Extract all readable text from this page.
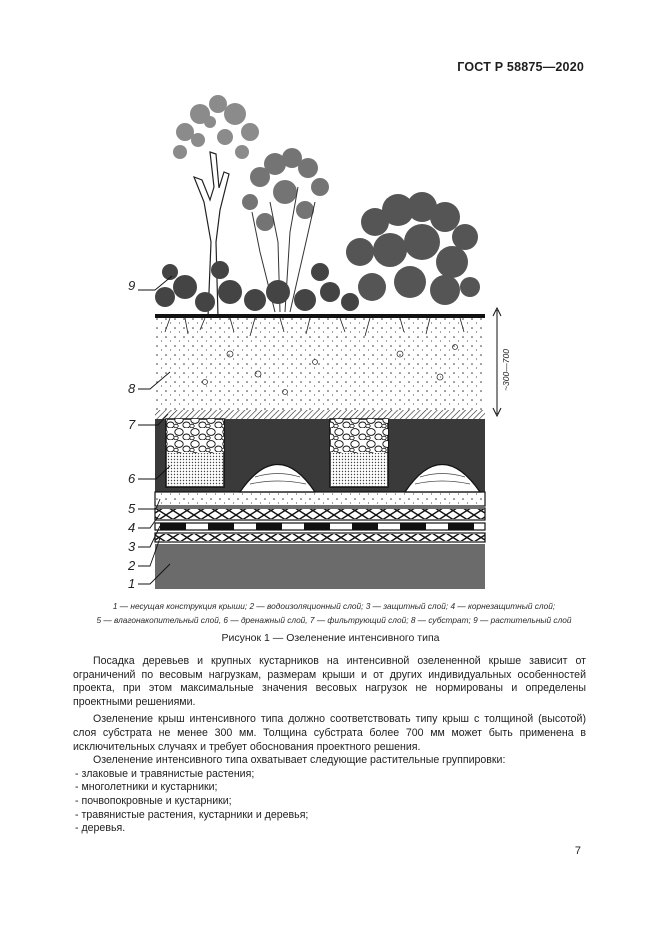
ГОСТ Р 58875—2020
~300—700
9
8
7
6
5
4
3
2
1
1 — несущая конструкция крыши; 2 — водоизоляционный слой; 3 — защитный слой; 4 — корнезащитный слой;
5 — влагонакопительный слой, 6 — дренажный слой, 7 — фильтрующий слой; 8 — субстрат; 9 — растительный слой
Рисунок 1 — Озеленение интенсивного типа

Посадка деревьев и крупных кустарников на интенсивной озелененной крыше зависит от ограничений по весовым нагрузкам, размерам крыши и от других индивидуальных особенностей проекта, при этом максимальные значения весовых нагрузок не нормированы и определены проектными решениями.

Озеленение крыш интенсивного типа должно соответствовать типу крыш с толщиной (высотой) слоя субстрата не менее 300 мм. Толщина субстрата более 700 мм может быть применена в исключительных случаях и требует обоснования проектного решения.

Озеленение интенсивного типа охватывает следующие растительные группировки:

- злаковые и травянистые растения;
- многолетники и кустарники;
- почвопокровные и кустарники;
- травянистые растения, кустарники и деревья;
- деревья.
7
